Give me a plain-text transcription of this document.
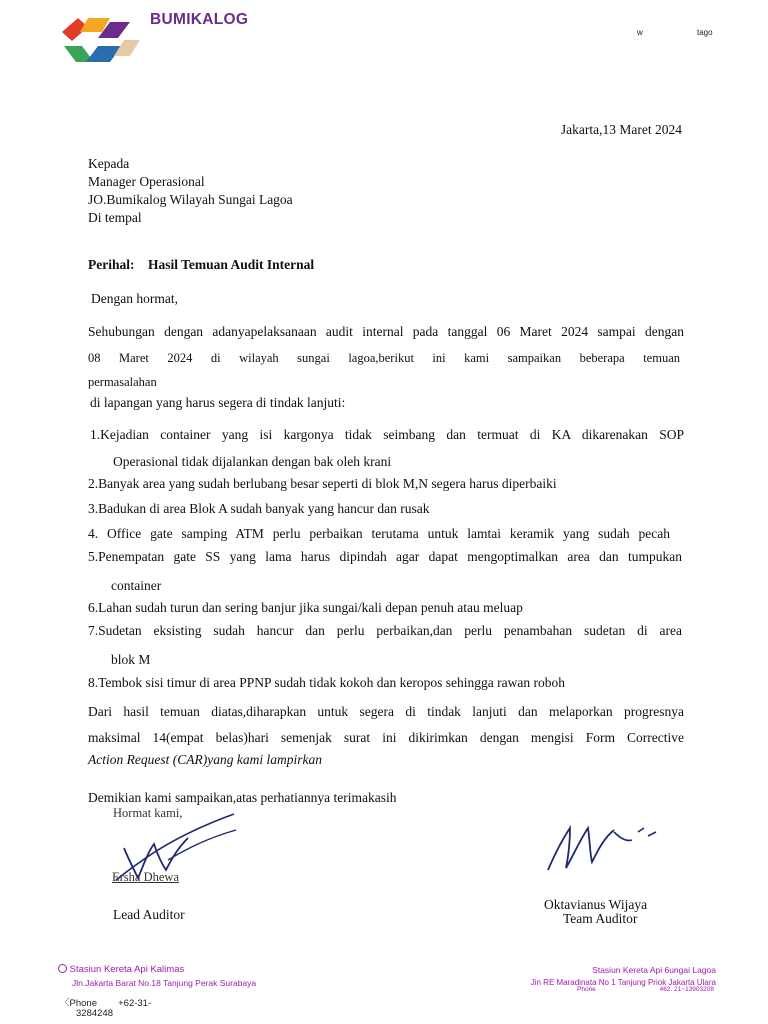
BUMIKALOG
w	tago
Jakarta,13 Maret 2024
Kepada
Manager Operasional
JO.Bumikalog Wilayah Sungai Lagoa
Di tempal
Perihal: Hasil Temuan Audit Internal
Dengan hormat,
Sehubungan dengan adanyapelaksanaan audit internal pada tanggal 06 Maret 2024 sampai dengan
08 Maret 2024 di wilayah sungai lagoa,berikut ini kami sampaikan beberapa temuan
permasalahan
di lapangan yang harus segera di tindak lanjuti:
1.Kejadian container yang isi kargonya tidak seimbang dan termuat di KA dikarenakan SOP
Operasional tidak dijalankan dengan bak oleh krani
2.Banyak area yang sudah berlubang besar seperti di blok M,N segera harus diperbaiki
3.Badukan di area Blok A sudah banyak yang hancur dan rusak
4. Office gate samping ATM perlu perbaikan terutama untuk lamtai keramik yang sudah pecah
5.Penempatan gate SS yang lama harus dipindah agar dapat mengoptimalkan area dan tumpukan
container
6.Lahan sudah turun dan sering banjur jika sungai/kali depan penuh atau meluap
7.Sudetan eksisting sudah hancur dan perlu perbaikan,dan perlu penambahan sudetan di area
blok M
8.Tembok sisi timur di area PPNP sudah tidak kokoh dan keropos sehingga rawan roboh
Dari hasil temuan diatas,diharapkan untuk segera di tindak lanjuti dan melaporkan progresnya
maksimal 14(empat belas)hari semenjak surat ini dikirimkan dengan mengisi Form Corrective
Action Request (CAR)yang kami lampirkan
Demikian kami sampaikan,atas perhatiannya terimakasih
Hormat kami,
Ersha Dhewa
Lead Auditor
Oktavianus Wijaya
Team Auditor
Stasiun Kereta Api Kalimas
Jln.Jakarta Barat No.18 Tanjung Perak Surabaya
〈Phone +62-31-
3284248
Stasiun Kereta Api 6ungai Lagoa
Jin RE Maradinata No 1 Tanjung Priok Jakarta Ulara
Phone	462. 21~13903208
